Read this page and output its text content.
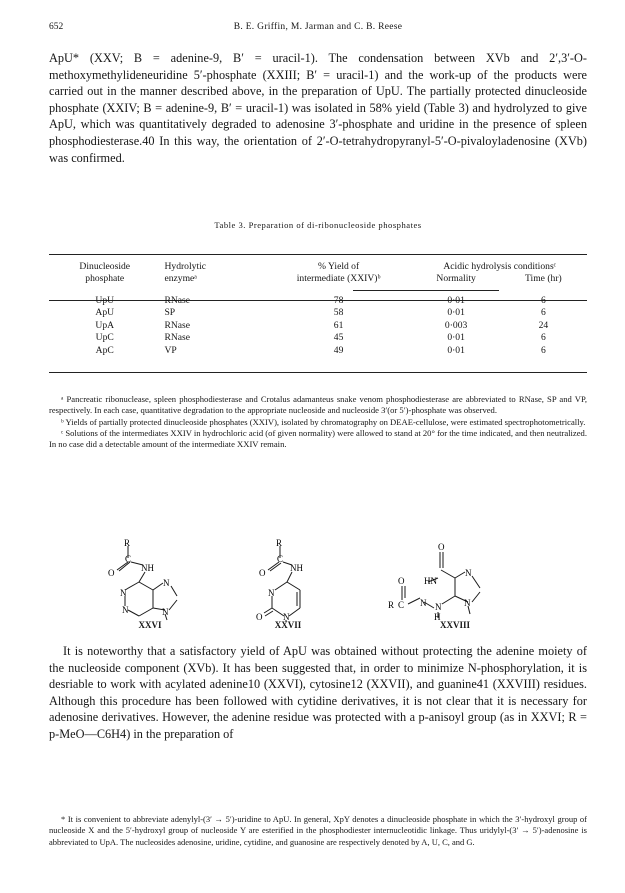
652	B. E. Griffin, M. Jarman and C. B. Reese
ApU* (XXV; B = adenine-9, B′ = uracil-1). The condensation between XVb and 2′,3′-O-methoxymethylideneuridine 5′-phosphate (XXIII; B′ = uracil-1) and the work-up of the products were carried out in the manner described above, in the preparation of UpU. The partially protected dinucleoside phosphate (XXIV; B = adenine-9, B′ = uracil-1) was isolated in 58% yield (Table 3) and hydrolyzed to give ApU, which was quantitatively degraded to adenosine 3′-phosphate and uridine in the presence of spleen phosphodiesterase.40 In this way, the orientation of 2′-O-tetrahydropyranyl-5′-O-pivaloyladenosine (XVb) was confirmed.
Table 3. Preparation of di-ribonucleoside phosphates
Dinucleoside	Hydrolytic	% Yield of	Acidic hydrolysis conditionsᶜ	
phosphate	enzymeᵃ	intermediate (XXIV)ᵇ	Normality	Time (hr)

UpU	RNase	78	0·01	6
ApU	SP	58	0·01	6
UpA	RNase	61	0·003	24
UpC	RNase	45	0·01	6
ApC	VP	49	0·01	6

ᵃ Pancreatic ribonuclease, spleen phosphodiesterase and Crotalus adamanteus snake venom phosphodiesterase are abbreviated to RNase, SP and VP, respectively. In each case, quantitative degradation to the appropriate nucleoside and nucleoside 3′(or 5′)-phosphate was observed.

ᵇ Yields of partially protected dinucleoside phosphates (XXIV), isolated by chromatography on DEAE-cellulose, were estimated spectrophotometrically.

ᶜ Solutions of the intermediates XXIV in hydrochloric acid (of given normality) were allowed to stand at 20° for the time indicated, and then neutralized. In no case did a detectable amount of the intermediate XXIV remain.

R
C
O	NH
N
N
N
N
R
C
O	NH
N
O N
O
O HN
R C N N
H
N
N
XXVI	XXVII	XXVIII

It is noteworthy that a satisfactory yield of ApU was obtained without protecting the adenine moiety of the nucleoside component (XVb). It has been suggested that, in order to minimize N-phosphorylation, it is desriable to work with acylated adenine10 (XXVI), cytosine12 (XXVII), and guanine41 (XXVIII) residues. Although this procedure has been followed with cytidine derivatives, it is not clear that it is necessary for adenosine derivatives. However, the adenine residue was protected with a p-anisoyl group (as in XXVI; R = p-MeO—C6H4) in the preparation of

* It is convenient to abbreviate adenylyl-(3′ → 5′)-uridine to ApU. In general, XpY denotes a dinucleoside phosphate in which the 3′-hydroxyl group of nucleoside X and the 5′-hydroxyl group of nucleoside Y are esterified in the phosphodiester internucleotidic linkage. Thus uridylyl-(3′ → 5′)-adenosine is abbreviated to UpA. The nucleosides adenosine, uridine, cytidine, and guanosine are respectively denoted by A, U, C, and G.
